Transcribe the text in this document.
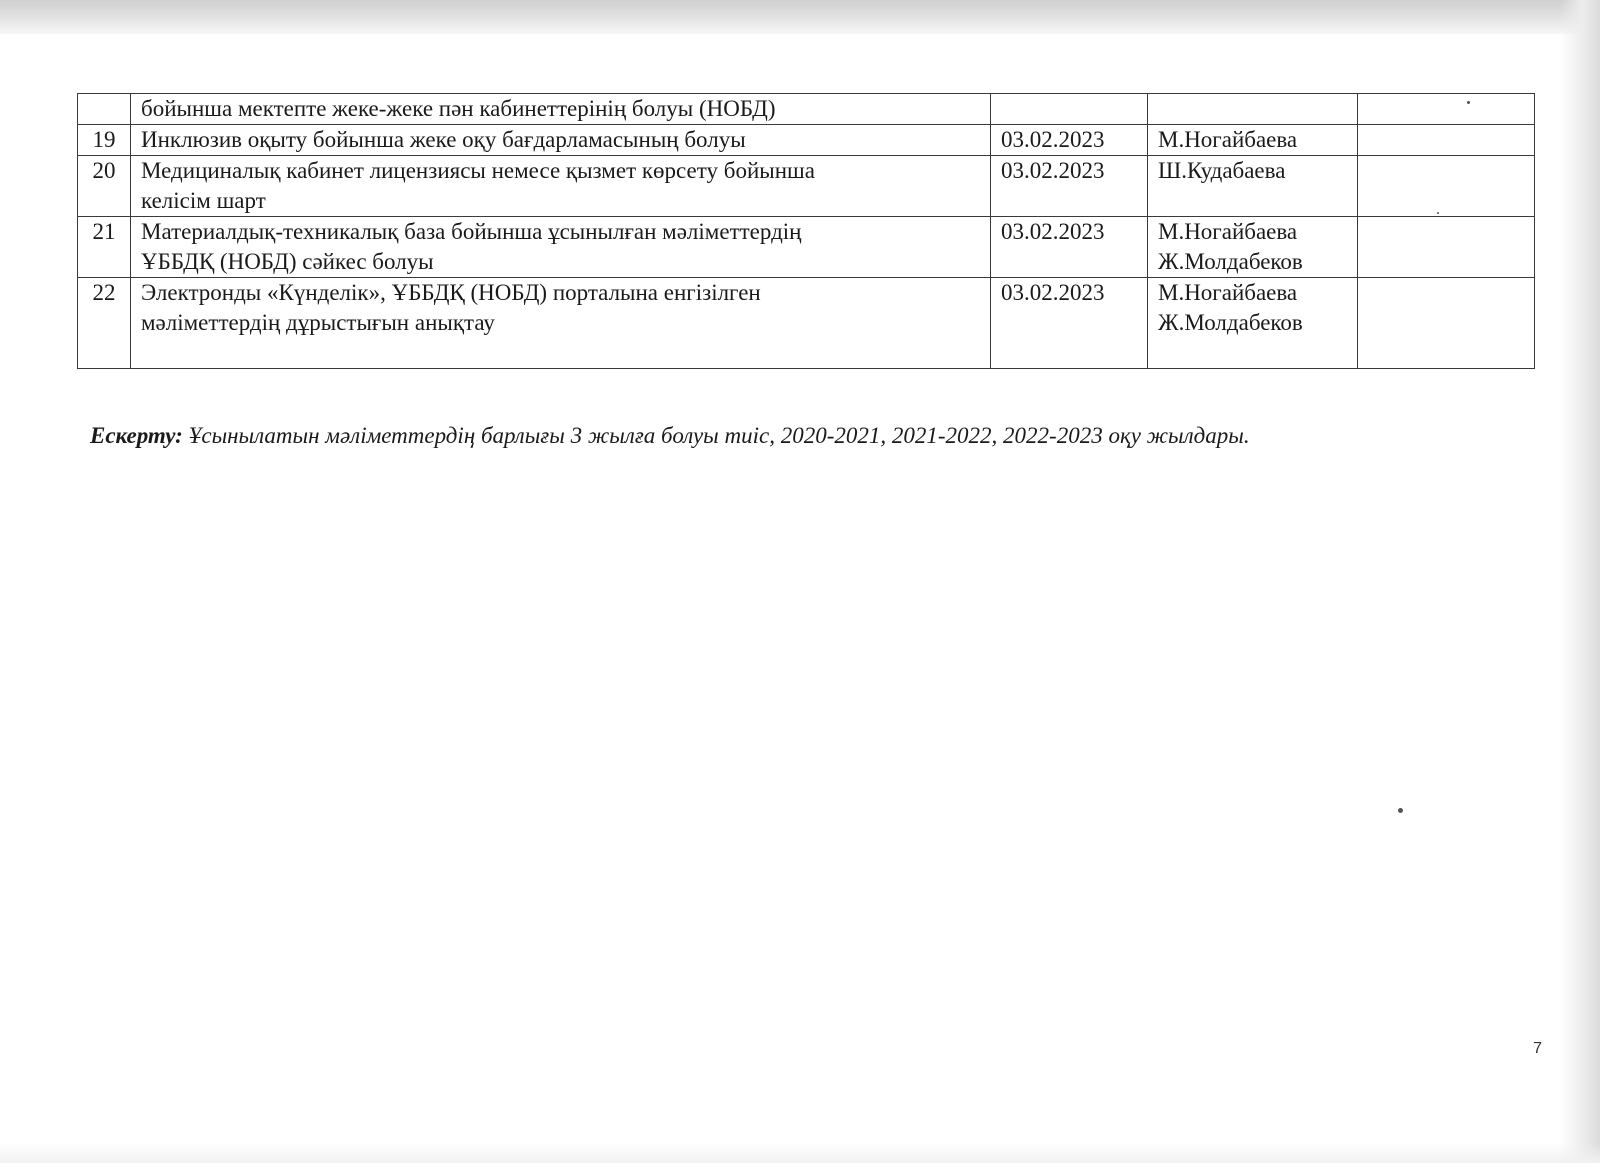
	бойынша мектепте жеке-жеке пән кабинеттерінің болуы (НОБД)			

19	Инклюзив оқыту бойынша жеке оқу бағдарламасының болуы	03.02.2023	М.Ногайбаева	

20	Медициналық кабинет лицензиясы немесе қызмет көрсету бойынша
келісім шарт	03.02.2023	Ш.Кудабаева	

21	Материалдық-техникалық база бойынша ұсынылған мәліметтердің
ҰББДҚ (НОБД) сәйкес болуы	03.02.2023	М.Ногайбаева
Ж.Молдабеков	

22	Электронды «Күнделік», ҰББДҚ (НОБД) порталына енгізілген
мәліметтердің дұрыстығын анықтау	03.02.2023	М.Ногайбаева
Ж.Молдабеков	

Ескерту: Ұсынылатын мәліметтердің барлығы 3 жылға болуы тиіс, 2020-2021, 2021-2022, 2022-2023 оқу жылдары.
7
